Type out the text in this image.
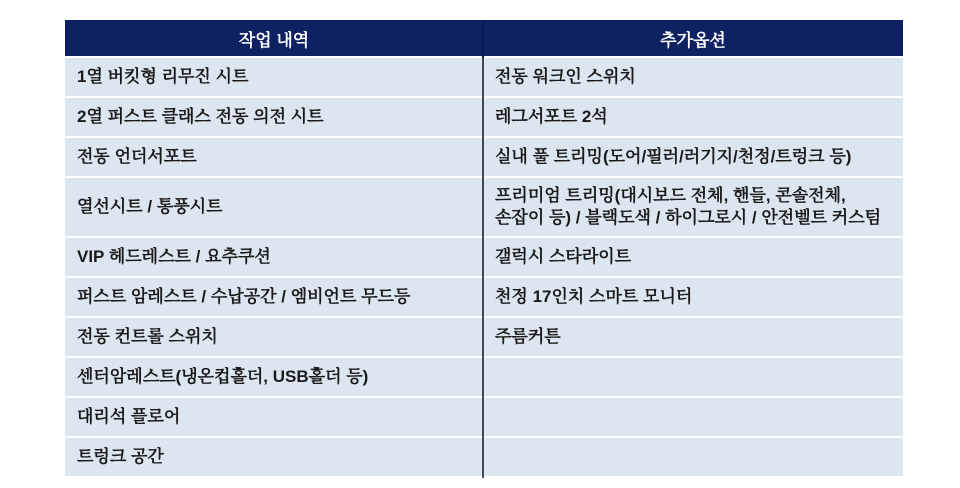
작업 내역	추가옵션
1열 버킷형 리무진 시트	전동 워크인 스위치
2열 퍼스트 클래스 전동 의전 시트	레그서포트 2석
전동 언더서포트	실내 풀 트리밍(도어/필러/러기지/천정/트렁크 등)
열선시트 / 통풍시트	프리미엄 트리밍(대시보드 전체, 핸들, 콘솔전체, 손잡이 등) / 블랙도색 / 하이그로시 / 안전벨트 커스텀
VIP 헤드레스트 / 요추쿠션	갤럭시 스타라이트
퍼스트 암레스트 / 수납공간 / 엠비언트 무드등	천정 17인치 스마트 모니터
전동 컨트롤 스위치	주름커튼
센터암레스트(냉온컵홀더, USB홀더 등)	
대리석 플로어	
트렁크 공간	
